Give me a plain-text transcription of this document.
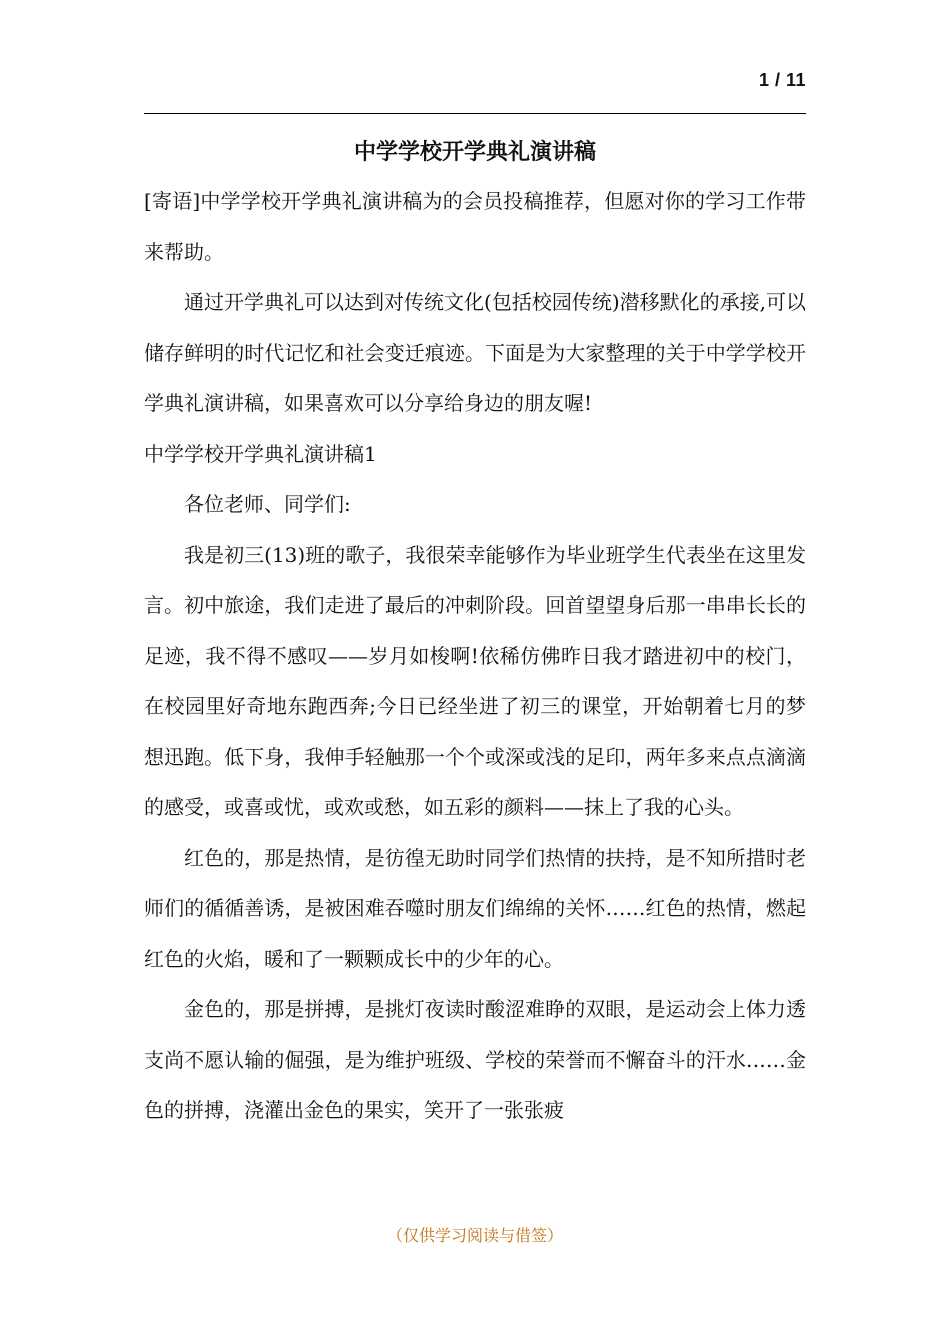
1 / 11
中学学校开学典礼演讲稿

[寄语]中学学校开学典礼演讲稿为的会员投稿推荐，但愿对你的学习工作带来帮助。

通过开学典礼可以达到对传统文化(包括校园传统)潜移默化的承接,可以储存鲜明的时代记忆和社会变迁痕迹。下面是为大家整理的关于中学学校开学典礼演讲稿，如果喜欢可以分享给身边的朋友喔!

中学学校开学典礼演讲稿1

各位老师、同学们:

我是初三(13)班的歌子，我很荣幸能够作为毕业班学生代表坐在这里发言。初中旅途，我们走进了最后的冲刺阶段。回首望望身后那一串串长长的足迹，我不得不感叹——岁月如梭啊!依稀仿佛昨日我才踏进初中的校门，在校园里好奇地东跑西奔;今日已经坐进了初三的课堂，开始朝着七月的梦想迅跑。低下身，我伸手轻触那一个个或深或浅的足印，两年多来点点滴滴的感受，或喜或忧，或欢或愁，如五彩的颜料——抹上了我的心头。

红色的，那是热情，是彷徨无助时同学们热情的扶持，是不知所措时老师们的循循善诱，是被困难吞噬时朋友们绵绵的关怀……红色的热情，燃起红色的火焰，暖和了一颗颗成长中的少年的心。

金色的，那是拼搏，是挑灯夜读时酸涩难睁的双眼，是运动会上体力透支尚不愿认输的倔强，是为维护班级、学校的荣誉而不懈奋斗的汗水……金色的拼搏，浇灌出金色的果实，笑开了一张张疲

（仅供学习阅读与借签）
